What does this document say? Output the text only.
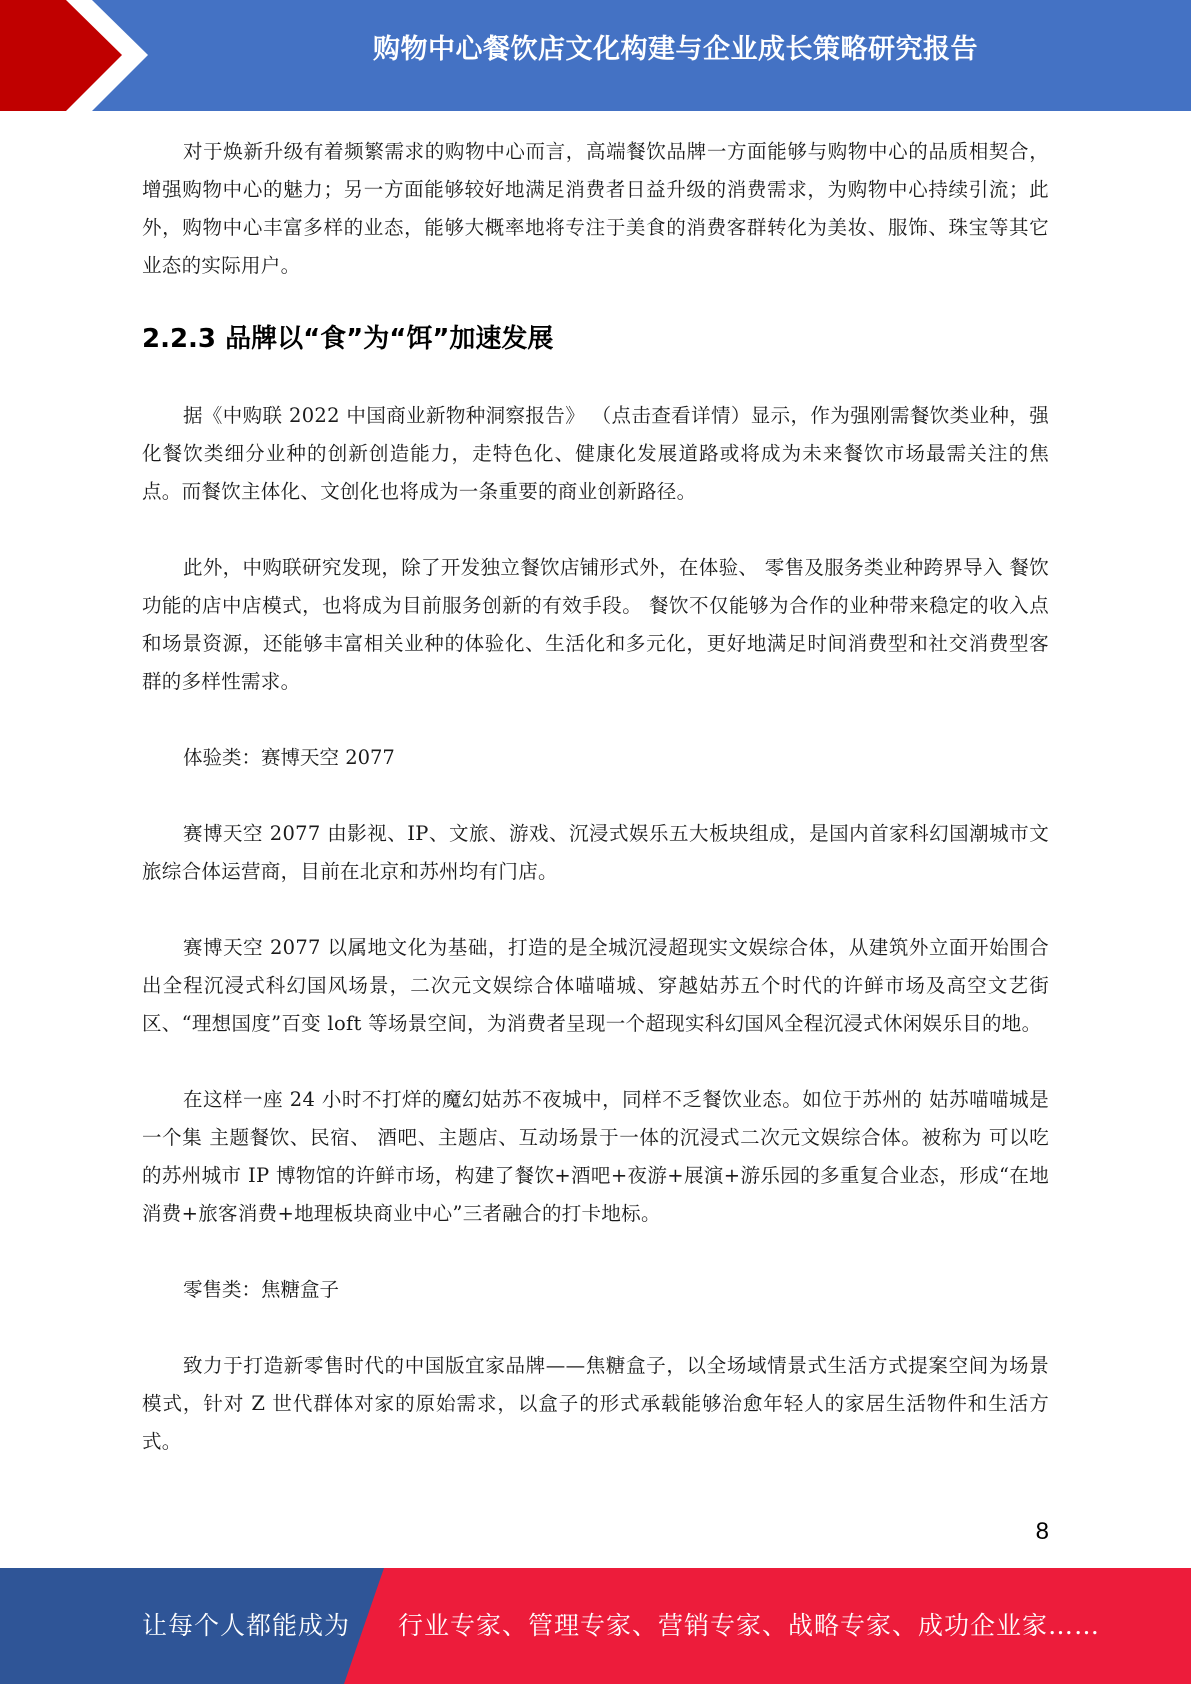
购物中心餐饮店文化构建与企业成长策略研究报告

对于焕新升级有着频繁需求的购物中心而言，高端餐饮品牌一方面能够与购物中心的品质相契合，增强购物中心的魅力；另一方面能够较好地满足消费者日益升级的消费需求，为购物中心持续引流；此外，购物中心丰富多样的业态，能够大概率地将专注于美食的消费客群转化为美妆、服饰、珠宝等其它业态的实际用户。

2.2.3 品牌以“食”为“饵”加速发展

据《中购联 2022 中国商业新物种洞察报告》 （点击查看详情）显示，作为强刚需餐饮类业种，强化餐饮类细分业种的创新创造能力，走特色化、健康化发展道路或将成为未来餐饮市场最需关注的焦点。而餐饮主体化、文创化也将成为一条重要的商业创新路径。

此外，中购联研究发现，除了开发独立餐饮店铺形式外，在体验、 零售及服务类业种跨界导入 餐饮功能的店中店模式，也将成为目前服务创新的有效手段。 餐饮不仅能够为合作的业种带来稳定的收入点和场景资源，还能够丰富相关业种的体验化、生活化和多元化，更好地满足时间消费型和社交消费型客群的多样性需求。

体验类：赛博天空 2077

赛博天空 2077 由影视、IP、文旅、游戏、沉浸式娱乐五大板块组成，是国内首家科幻国潮城市文旅综合体运营商，目前在北京和苏州均有门店。

赛博天空 2077 以属地文化为基础，打造的是全城沉浸超现实文娱综合体，从建筑外立面开始围合出全程沉浸式科幻国风场景，二次元文娱综合体喵喵城、穿越姑苏五个时代的许鲜市场及高空文艺街区、“理想国度”百变 loft 等场景空间，为消费者呈现一个超现实科幻国风全程沉浸式休闲娱乐目的地。

在这样一座 24 小时不打烊的魔幻姑苏不夜城中，同样不乏餐饮业态。如位于苏州的 姑苏喵喵城是一个集 主题餐饮、民宿、 酒吧、主题店、互动场景于一体的沉浸式二次元文娱综合体。被称为 可以吃的苏州城市 IP 博物馆的许鲜市场，构建了餐饮+酒吧+夜游+展演+游乐园的多重复合业态，形成“在地消费+旅客消费+地理板块商业中心”三者融合的打卡地标。

零售类：焦糖盒子

致力于打造新零售时代的中国版宜家品牌——焦糖盒子，以全场域情景式生活方式提案空间为场景模式，针对 Z 世代群体对家的原始需求，以盒子的形式承载能够治愈年轻人的家居生活物件和生活方式。

8
让每个人都能成为 行业专家、管理专家、营销专家、战略专家、成功企业家……
